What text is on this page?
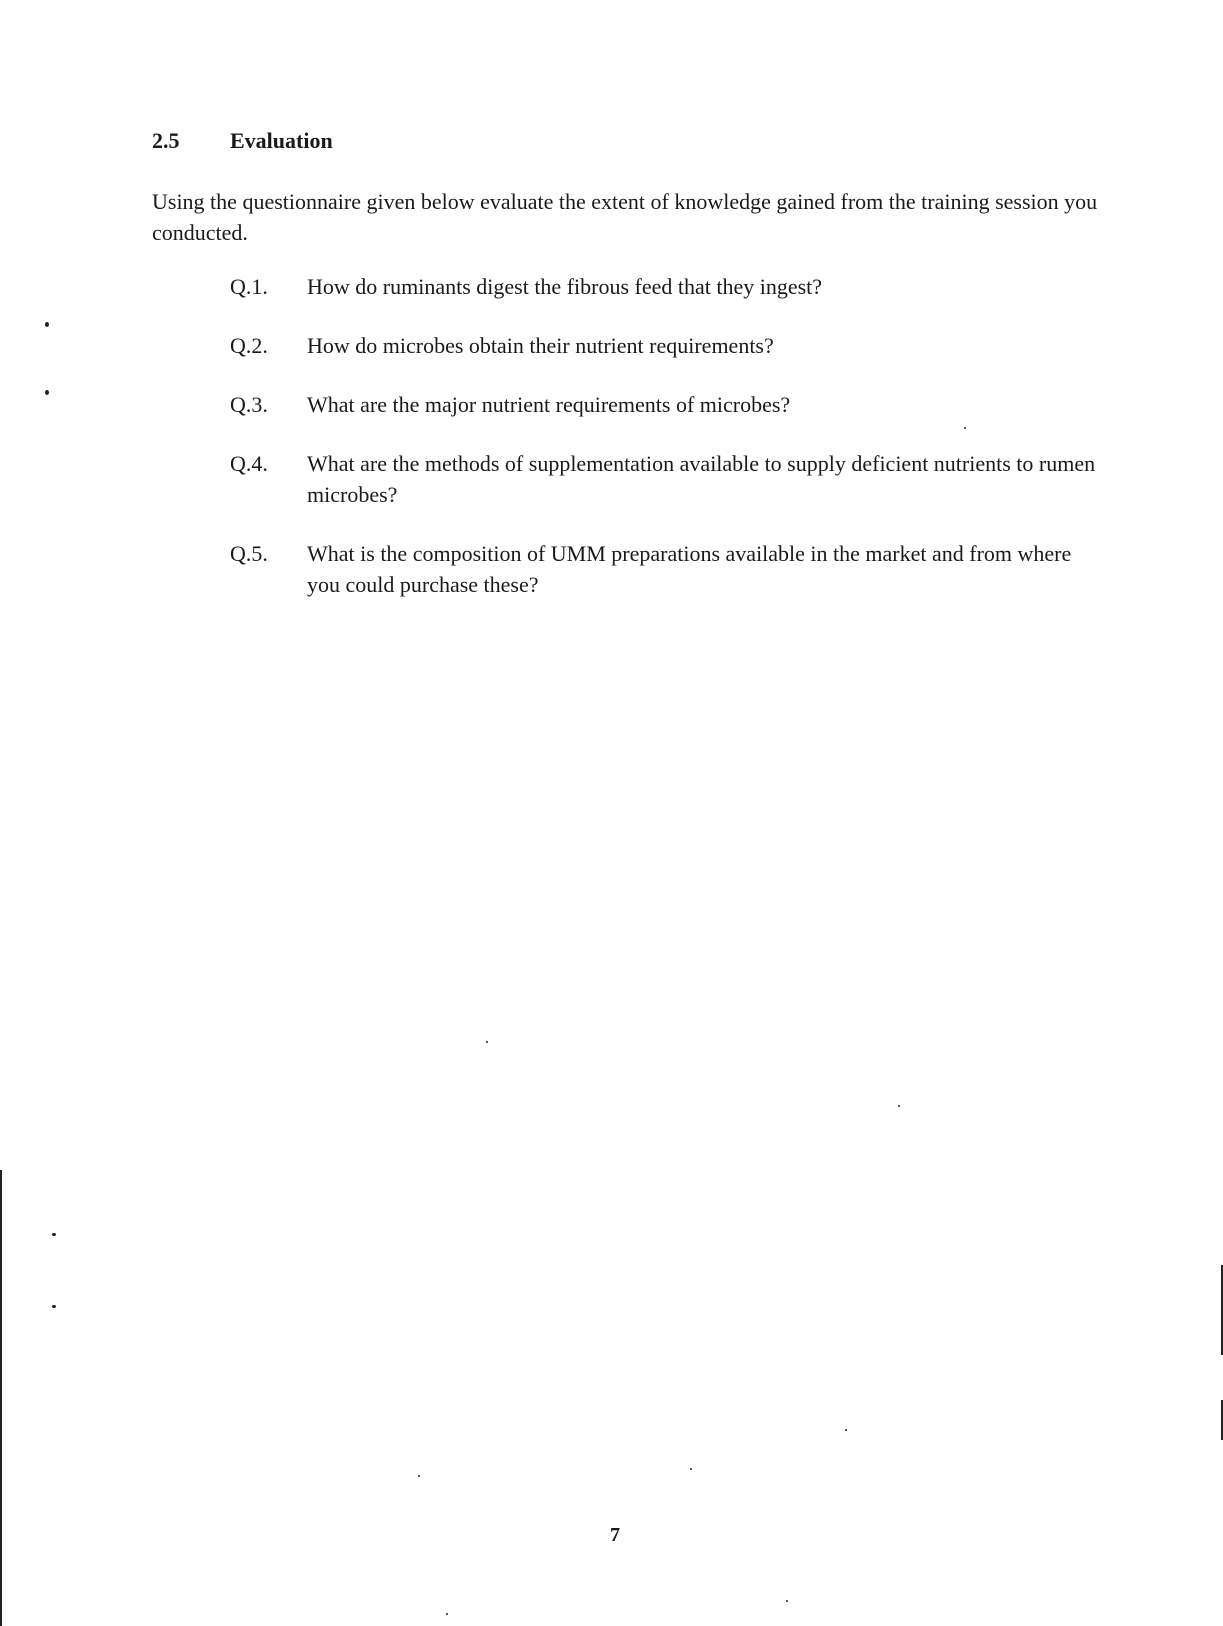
2.5 Evaluation
Using the questionnaire given below evaluate the extent of knowledge gained from the training session you conducted.
Q.1.	How do ruminants digest the fibrous feed that they ingest?
Q.2.	How do microbes obtain their nutrient requirements?
Q.3.	What are the major nutrient requirements of microbes?
Q.4.	What are the methods of supplementation available to supply deficient nutrients to rumen microbes?
Q.5.	What is the composition of UMM preparations available in the market and from where you could purchase these?
7
